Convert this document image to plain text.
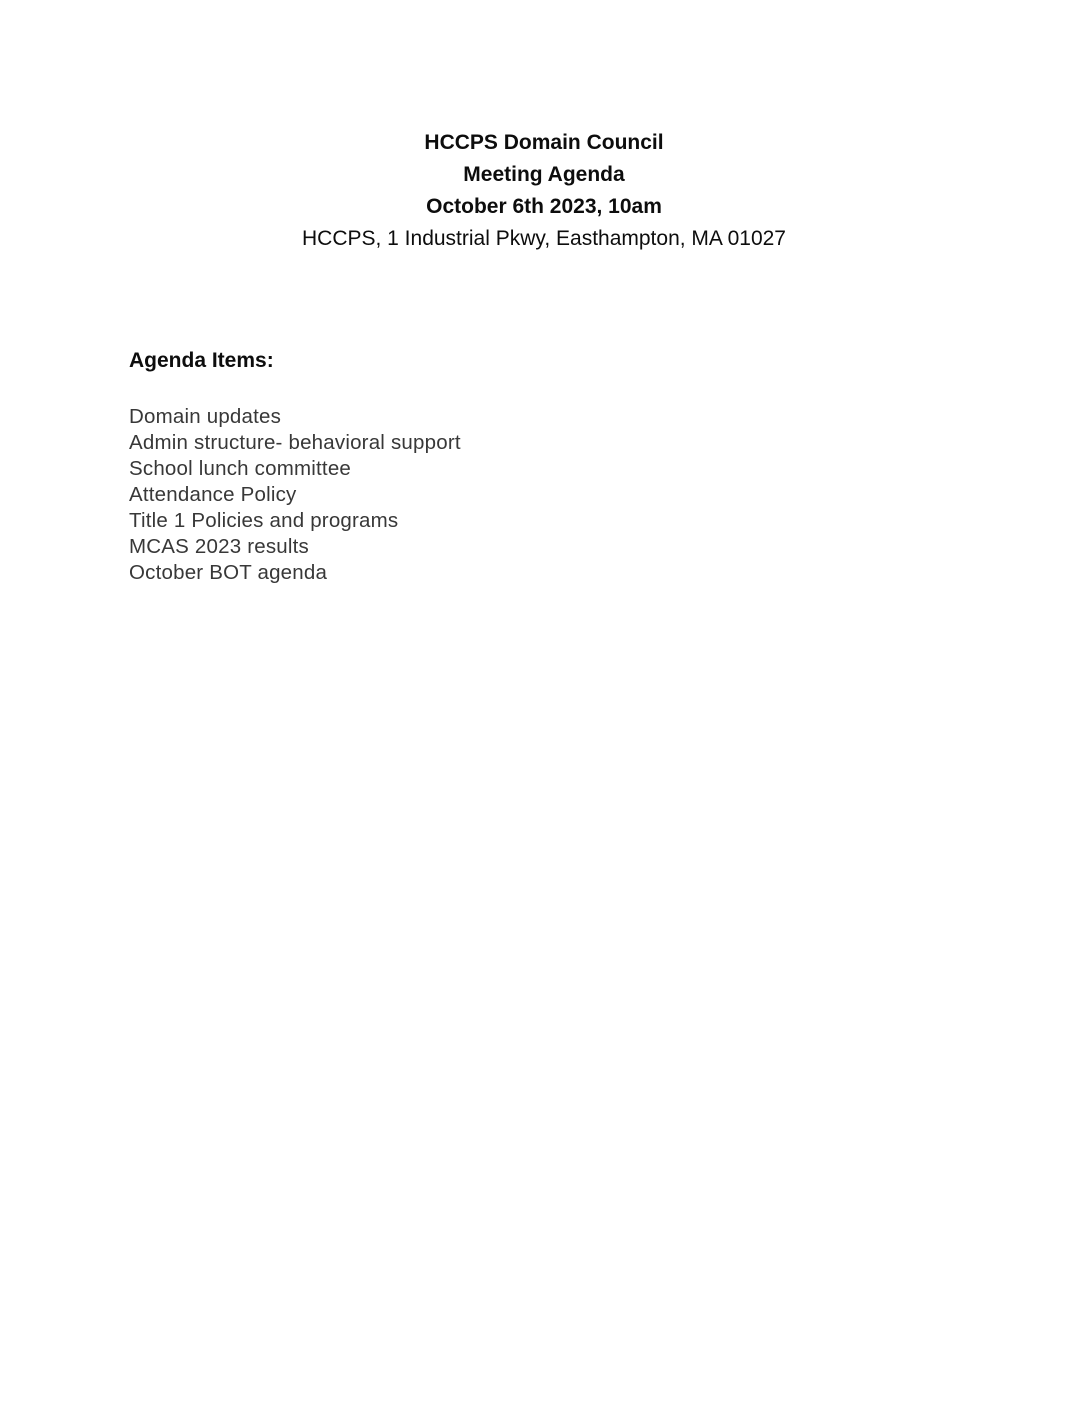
HCCPS Domain Council
Meeting Agenda
October 6th 2023, 10am
HCCPS, 1 Industrial Pkwy, Easthampton, MA 01027
Agenda Items:
Domain updates
Admin structure- behavioral support
School lunch committee
Attendance Policy
Title 1 Policies and programs
MCAS 2023 results
October BOT agenda
